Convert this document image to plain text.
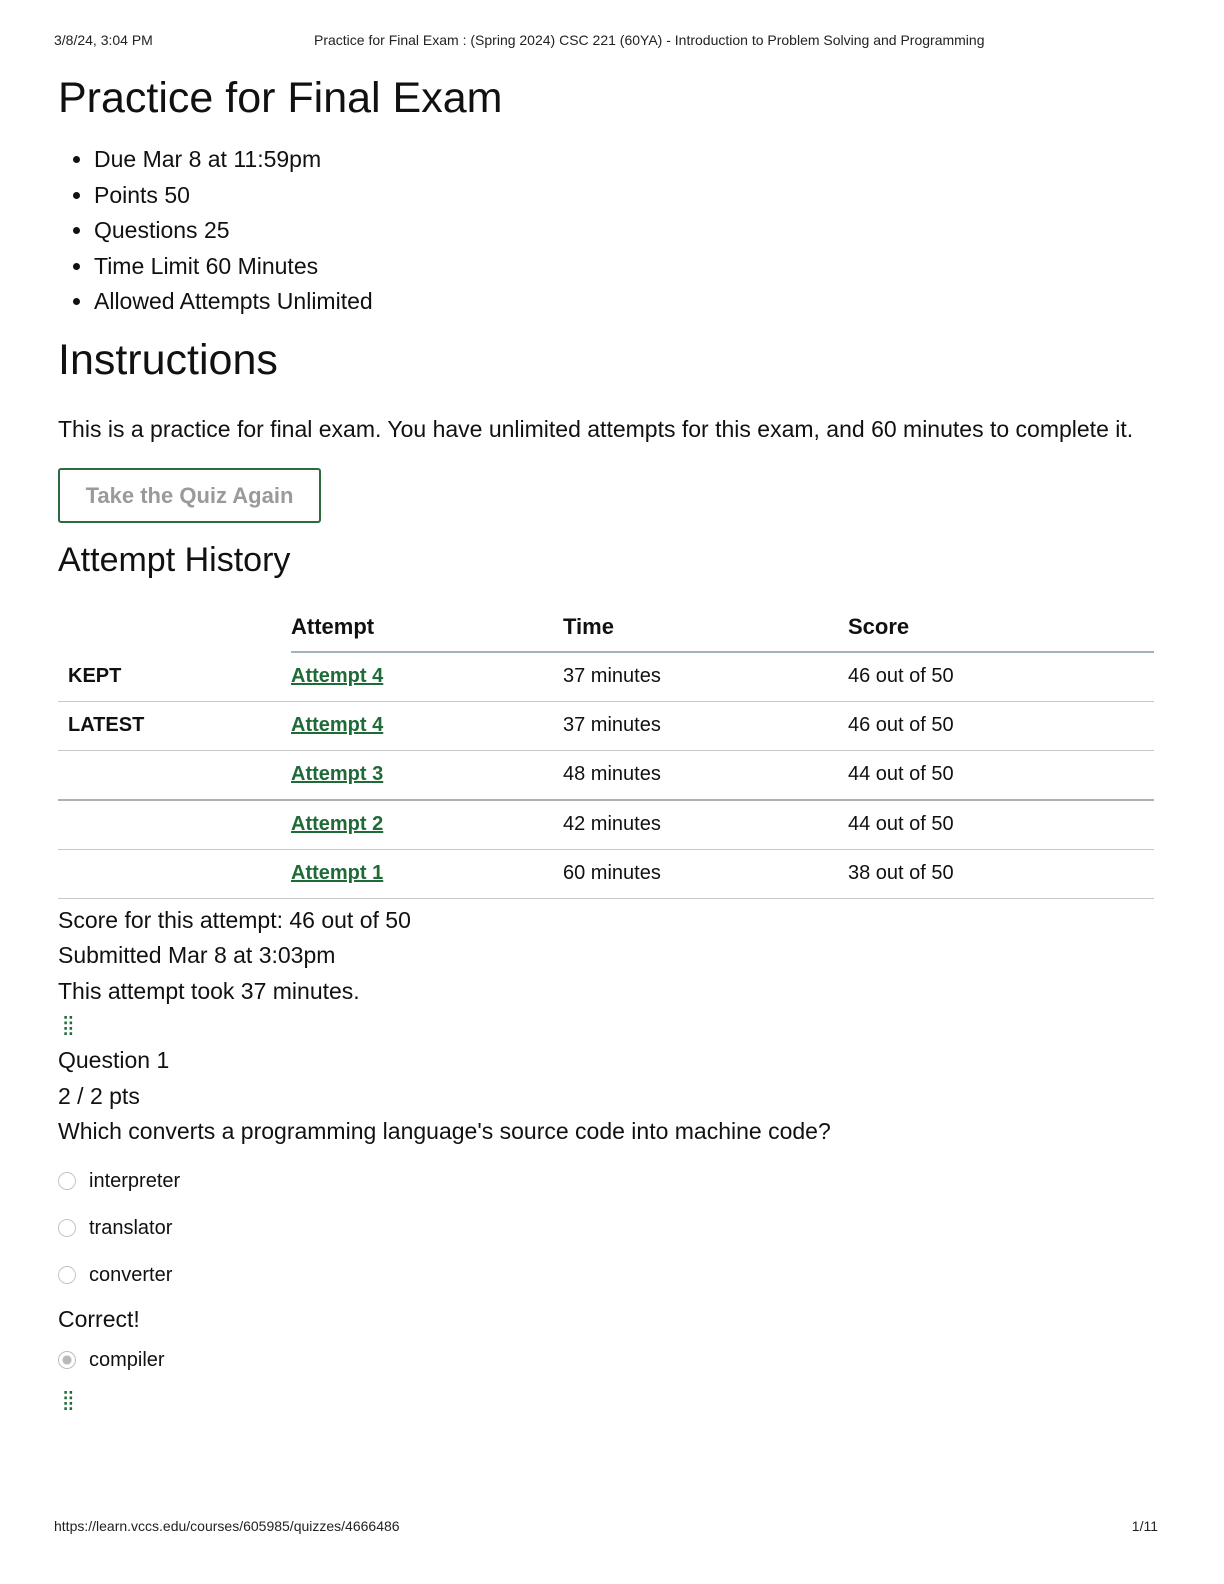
3/8/24, 3:04 PM	Practice for Final Exam : (Spring 2024) CSC 221 (60YA) - Introduction to Problem Solving and Programming
Practice for Final Exam
• Due Mar 8 at 11:59pm
• Points 50
• Questions 25
• Time Limit 60 Minutes
• Allowed Attempts Unlimited
Instructions

This is a practice for final exam. You have unlimited attempts for this exam, and 60 minutes to complete it.

Take the Quiz Again
Attempt History
	Attempt	Time	Score
KEPT	Attempt 4	37 minutes	46 out of 50
LATEST	Attempt 4	37 minutes	46 out of 50
	Attempt 3	48 minutes	44 out of 50
	Attempt 2	42 minutes	44 out of 50
	Attempt 1	60 minutes	38 out of 50
Score for this attempt: 46 out of 50
Submitted Mar 8 at 3:03pm
This attempt took 37 minutes.
⁞⁞
Question 1
2 / 2 pts
Which converts a programming language's source code into machine code?
interpreter
translator
converter
Correct!
compiler
⁞⁞
https://learn.vccs.edu/courses/605985/quizzes/4666486	1/11
